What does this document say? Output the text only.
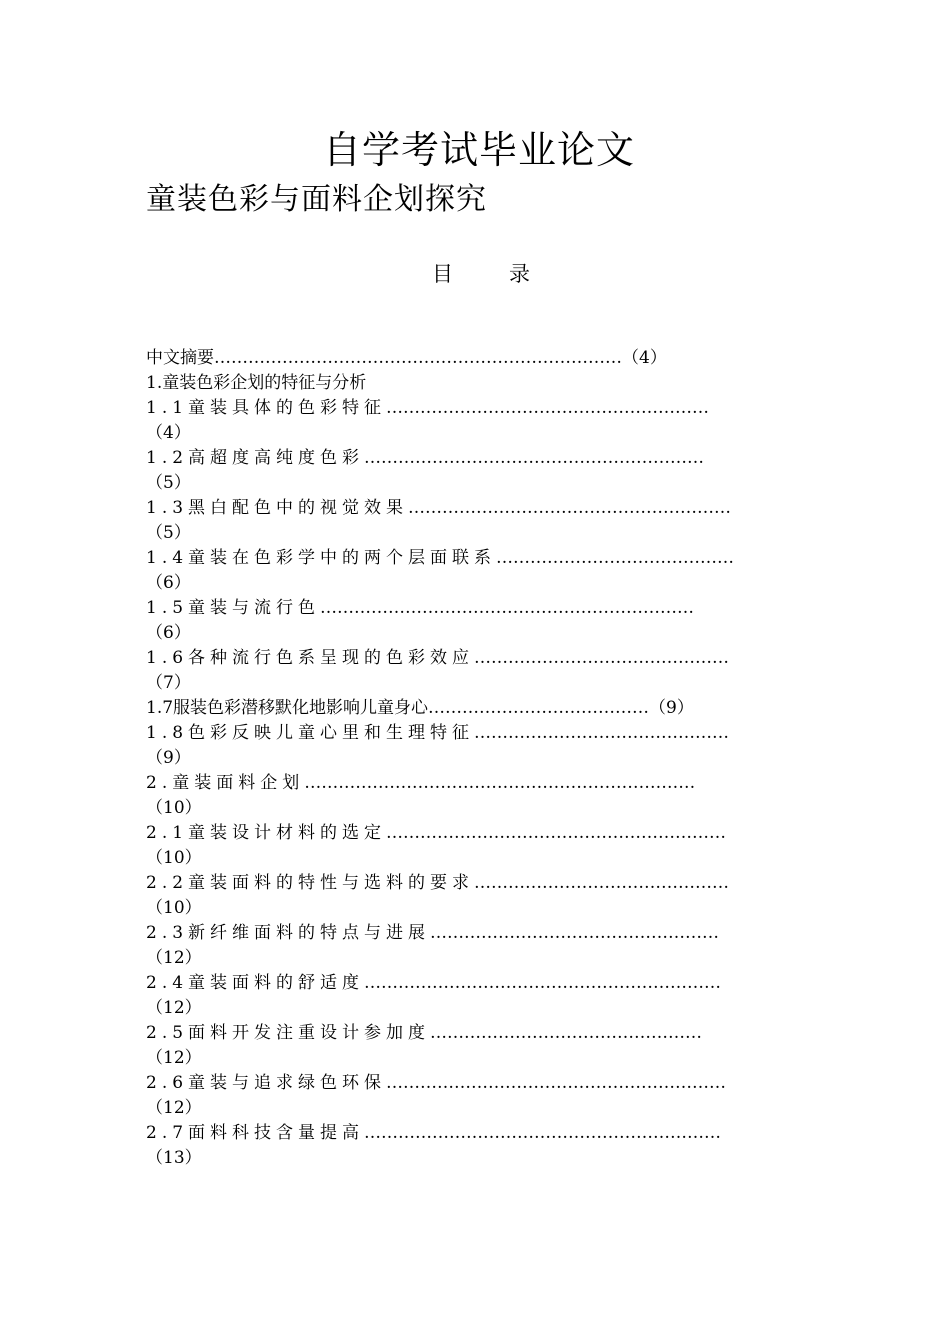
自学考试毕业论文
童装色彩与面料企划探究
目	录
中文摘要………………………………………………………………（4）
1.童装色彩企划的特征与分析
1.1童装具体的色彩特征…………………………………………………
（4）
1.2高超度高纯度色彩……………………………………………………
（5）
1.3黑白配色中的视觉效果…………………………………………………
（5）
1.4童装在色彩学中的两个层面联系……………………………………
（6）
1.5童装与流行色…………………………………………………………
（6）
1.6各种流行色系呈现的色彩效应………………………………………
（7）
1.7服装色彩潜移默化地影响儿童身心…………………………………（9）
1.8色彩反映儿童心里和生理特征………………………………………
（9）
2.童装面料企划……………………………………………………………
（10）
2.1童装设计材料的选定……………………………………………………
（10）
2.2童装面料的特性与选料的要求………………………………………
（10）
2.3新纤维面料的特点与进展……………………………………………
（12）
2.4童装面料的舒适度………………………………………………………
（12）
2.5面料开发注重设计参加度…………………………………………
（12）
2.6童装与追求绿色环保……………………………………………………
（12）
2.7面料科技含量提高………………………………………………………
（13）
